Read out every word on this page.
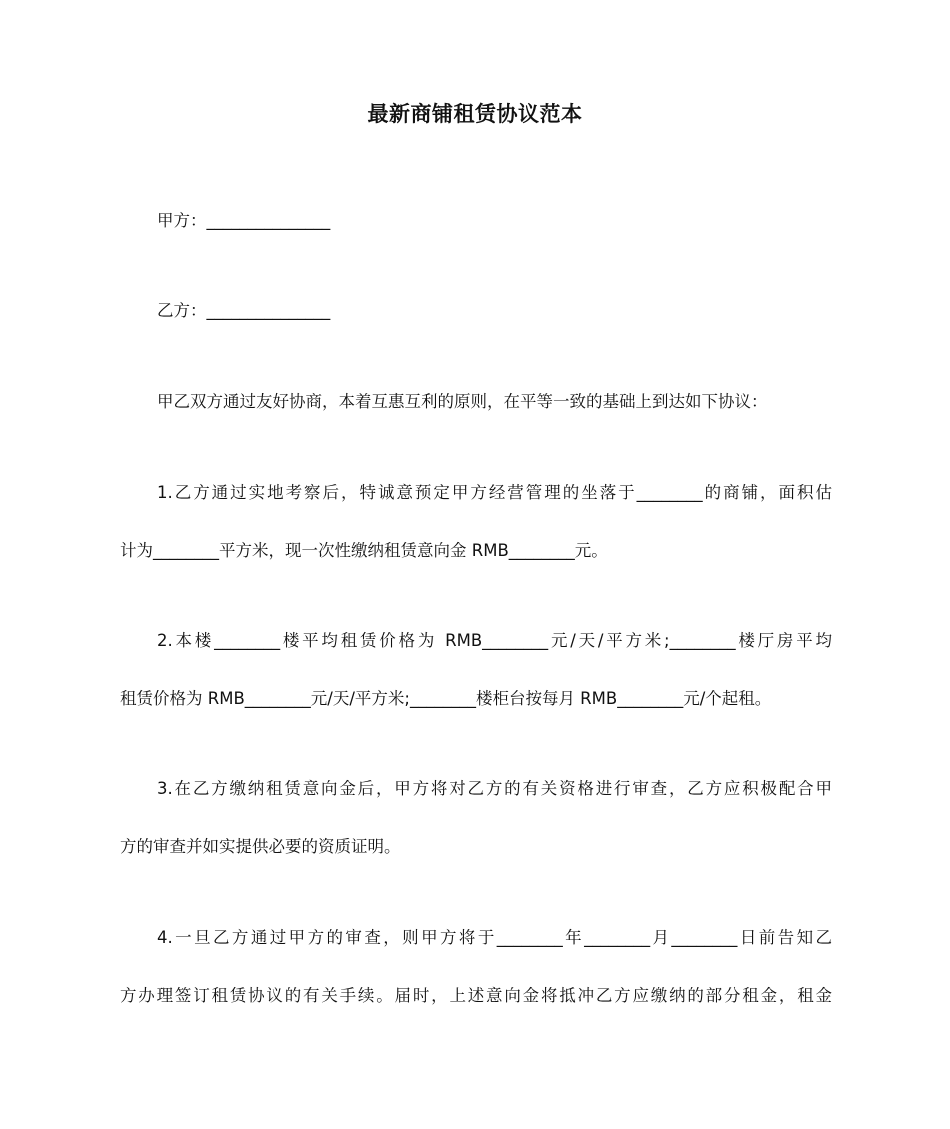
最新商铺租赁协议范本

甲方：_______________

乙方：_______________

甲乙双方通过友好协商，本着互惠互利的原则，在平等一致的基础上到达如下协议：

1.乙方通过实地考察后，特诚意预定甲方经营管理的坐落于________的商铺，面积估
计为________平方米，现一次性缴纳租赁意向金 RMB________元。

2.本楼________楼平均租赁价格为 RMB________元/天/平方米;________楼厅房平均
租赁价格为 RMB________元/天/平方米;________楼柜台按每月 RMB________元/个起租。

3.在乙方缴纳租赁意向金后，甲方将对乙方的有关资格进行审查，乙方应积极配合甲
方的审查并如实提供必要的资质证明。

4.一旦乙方通过甲方的审查，则甲方将于________年________月________日前告知乙
方办理签订租赁协议的有关手续。届时，上述意向金将抵冲乙方应缴纳的部分租金，租金
